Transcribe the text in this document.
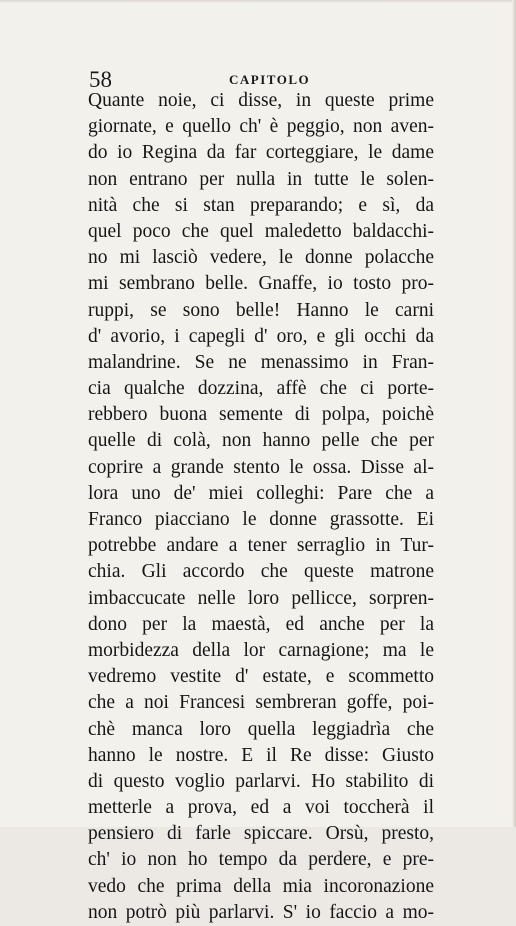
58	CAPITOLO
Quante noie, ci disse, in queste prime
giornate, e quello ch' è peggio, non aven-
do io Regina da far corteggiare, le dame
non entrano per nulla in tutte le solen-
nità che si stan preparando; e sì, da
quel poco che quel maledetto baldacchi-
no mi lasciò vedere, le donne polacche
mi sembrano belle. Gnaffe, io tosto pro-
ruppi, se sono belle! Hanno le carni
d' avorio, i capegli d' oro, e gli occhi da
malandrine. Se ne menassimo in Fran-
cia qualche dozzina, affè che ci porte-
rebbero buona semente di polpa, poichè
quelle di colà, non hanno pelle che per
coprire a grande stento le ossa. Disse al-
lora uno de' miei colleghi: Pare che a
Franco piacciano le donne grassotte. Ei
potrebbe andare a tener serraglio in Tur-
chia. Gli accordo che queste matrone
imbaccucate nelle loro pellicce, sorpren-
dono per la maestà, ed anche per la
morbidezza della lor carnagione; ma le
vedremo vestite d' estate, e scommetto
che a noi Francesi sembreran goffe, poi-
chè manca loro quella leggiadrìa che
hanno le nostre. E il Re disse: Giusto
di questo voglio parlarvi. Ho stabilito di
metterle a prova, ed a voi toccherà il
pensiero di farle spiccare. Orsù, presto,
ch' io non ho tempo da perdere, e pre-
vedo che prima della mia incoronazione
non potrò più parlarvi. S' io faccio a mo-
